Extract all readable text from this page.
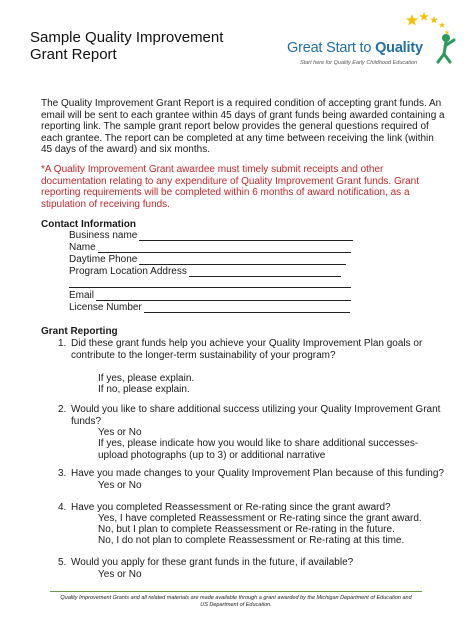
Sample Quality Improvement
Grant Report	Great Start to Quality
Start here for Quality Early Childhood Education
The Quality Improvement Grant Report is a required condition of accepting grant funds. An email will be sent to each grantee within 45 days of grant funds being awarded containing a reporting link. The sample grant report below provides the general questions required of each grantee. The report can be completed at any time between receiving the link (within 45 days of the award) and six months.
*A Quality Improvement Grant awardee must timely submit receipts and other documentation relating to any expenditure of Quality Improvement Grant funds. Grant reporting requirements will be completed within 6 months of award notification, as a stipulation of receiving funds.
Contact Information
Business name
Name
Daytime Phone
Program Location Address
Email
License Number
Grant Reporting
1. Did these grant funds help you achieve your Quality Improvement Plan goals or contribute to the longer-term sustainability of your program?
If yes, please explain.
If no, please explain.
2. Would you like to share additional success utilizing your Quality Improvement Grant funds?
Yes or No
If yes, please indicate how you would like to share additional successes-upload photographs (up to 3) or additional narrative
3. Have you made changes to your Quality Improvement Plan because of this funding?
Yes or No
4. Have you completed Reassessment or Re-rating since the grant award?
Yes, I have completed Reassessment or Re-rating since the grant award.
No, but I plan to complete Reassessment or Re-rating in the future.
No, I do not plan to complete Reassessment or Re-rating at this time.
5. Would you apply for these grant funds in the future, if available?
Yes or No
Quality Improvement Grants and all related materials are made available through a grant awarded by the Michigan Department of Education and US Department of Education.
